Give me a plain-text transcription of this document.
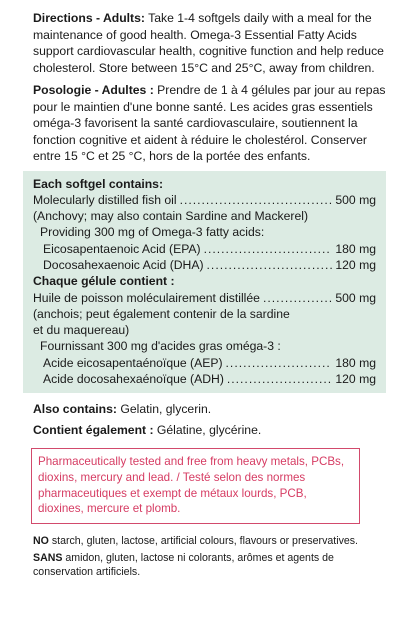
Directions - Adults: Take 1-4 softgels daily with a meal for the maintenance of good health. Omega-3 Essential Fatty Acids support cardiovascular health, cognitive function and help reduce cholesterol. Store between 15°C and 25°C, away from children.

Posologie - Adultes : Prendre de 1 à 4 gélules par jour au repas pour le maintien d'une bonne santé. Les acides gras essentiels oméga-3 favorisent la santé cardiovasculaire, soutiennent la fonction cognitive et aident à réduire le cholestérol. Conserver entre 15 °C et 25 °C, hors de la portée des enfants.

Each softgel contains:
Molecularly distilled fish oil .....	500 mg
(Anchovy; may also contain Sardine and Mackerel)
Providing 300 mg of Omega-3 fatty acids:
Eicosapentaenoic Acid (EPA) .....	180 mg
Docosahexaenoic Acid (DHA) .....	120 mg
Chaque gélule contient :
Huile de poisson moléculairement distillée .....	500 mg
(anchois; peut également contenir de la sardine et du maquereau)
Fournissant 300 mg d'acides gras oméga-3 :
Acide eicosapentaénoïque (AEP) .....	180 mg
Acide docosahexaénoïque (ADH) .....	120 mg

Also contains: Gelatin, glycerin.

Contient également : Gélatine, glycérine.

Pharmaceutically tested and free from heavy metals, PCBs, dioxins, mercury and lead. / Testé selon des normes pharmaceutiques et exempt de métaux lourds, PCB, dioxines, mercure et plomb.

NO starch, gluten, lactose, artificial colours, flavours or preservatives.

SANS amidon, gluten, lactose ni colorants, arômes et agents de conservation artificiels.
